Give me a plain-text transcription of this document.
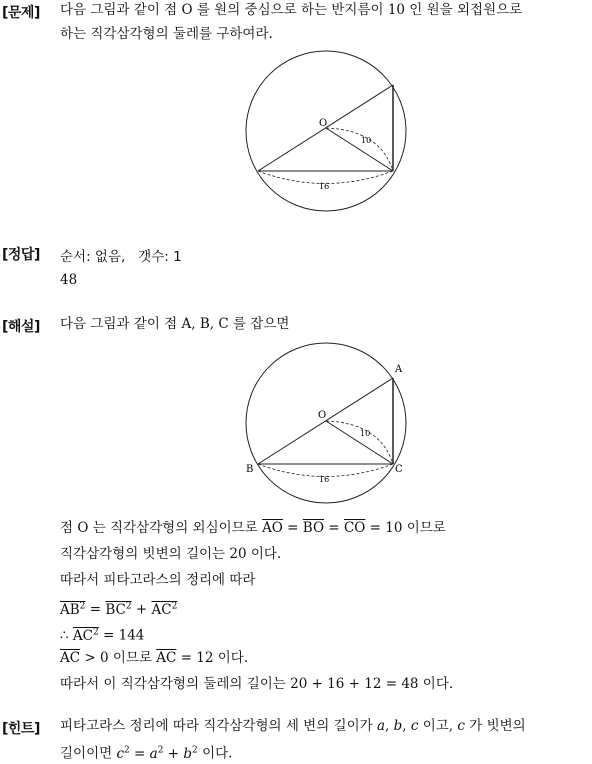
[문제] 다음 그림과 같이 점 O 를 원의 중심으로 하는 반지름이 10 인 원을 외접원으로
하는 직각삼각형의 둘레를 구하여라.
O
10
16
[정답] 순서: 없음,   갯수: 1
48
[해설] 다음 그림과 같이 점 A, B, C 를 잡으면
A
B	C
O
10
16
점 O 는 직각삼각형의 외심이므로 $\overline{AO} = \overline{BO} = \overline{CO} = 10$ 이므로
직각삼각형의 빗변의 길이는 20 이다.
따라서 피타고라스의 정리에 따라
$AB^2 = BC^2 + AC^2$
∴ $AC^2 = 144$
$\overline{AC} > 0$ 이므로 $\overline{AC} = 12$ 이다.
따라서 이 직각삼각형의 둘레의 길이는 20 + 16 + 12 = 48 이다.
[힌트] 피타고라스 정리에 따라 직각삼각형의 세 변의 길이가 a, b, c 이고, c 가 빗변의
길이이면 $c^2 = a^2 + b^2$ 이다.
